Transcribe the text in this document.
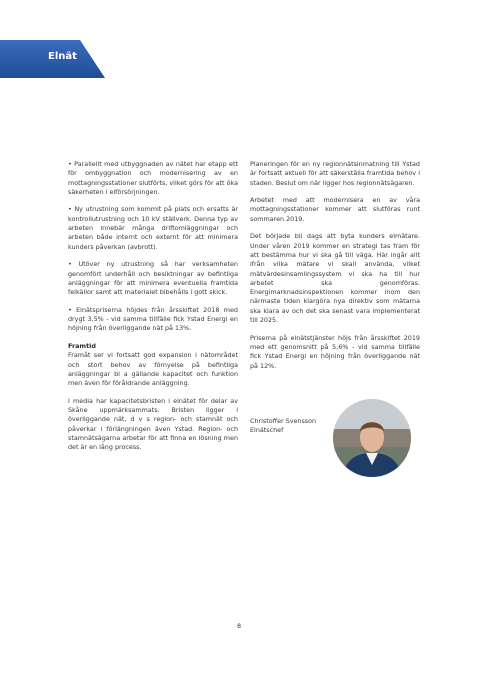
Elnät

• Parallellt med utbyggnaden av nätet har etapp ett för ombyggnation och modernisering av en mottagningsstationer slutförts, vilket görs för att öka säkerheten i elförsörjningen.

• Ny utrustning som kommit på plats och ersatts är kontrollutrustning och 10 kV ställverk. Denna typ av arbeten innebär många driftomläggningar och arbeten både internt och externt för att minimera kunders påverkan (avbrott).

• Utöver ny utrustning så har verksamheten genomfört underhåll och besiktningar av befintliga anläggningar för att minimera eventuella framtida felkällor samt att materialet bibehålls i gott skick.

• Elnätspriserna höjdes från årsskiftet 2018 med drygt 3,5% - vid samma tillfälle fick Ystad Energi en höjning från överliggande nät på 13%.

Framtid

Framåt ser vi fortsatt god expansion i nätområdet och stort behov av förnyelse på befintliga anläggningar bl a gällande kapacitet och funktion men även för föråldrande anläggning.

I media har kapacitetsbristen i elnätet för delar av Skåne uppmärksammats. Bristen ligger i överliggande nät, d v s region- och stamnät och påverkar i förlängningen även Ystad. Region- och stamnätsägarna arbetar för att finna en lösning men det är en lång process.

Planeringen för en ny regionnätsinmatning till Ystad är fortsatt aktuell för att säkerställa framtida behov i staden. Beslut om när ligger hos regionnätsägaren.

Arbetet med att modernisera en av våra mottagningsstationer kommer att slutföras runt sommaren 2019.

Det började bli dags att byta kunders elmätare. Under våren 2019 kommer en strategi tas fram för att bestämma hur vi ska gå till väga. Här ingår allt ifrån vilka mätare vi skall använda, vilket mätvärdesinsamlingssystem vi ska ha till hur arbetet ska genomföras. Energimarknadsinspektionen kommer inom den närmaste tiden klargöra nya direktiv som mätarna ska klara av och det ska senast vara implementerat till 2025.

Priserna på elnätstjänster höjs från årsskiftet 2019 med ett genomsnitt på 5,6% - vid samma tillfälle fick Ystad Energi en höjning från överliggande nät på 12%.

Christoffer Svensson
Elnätschef
8
